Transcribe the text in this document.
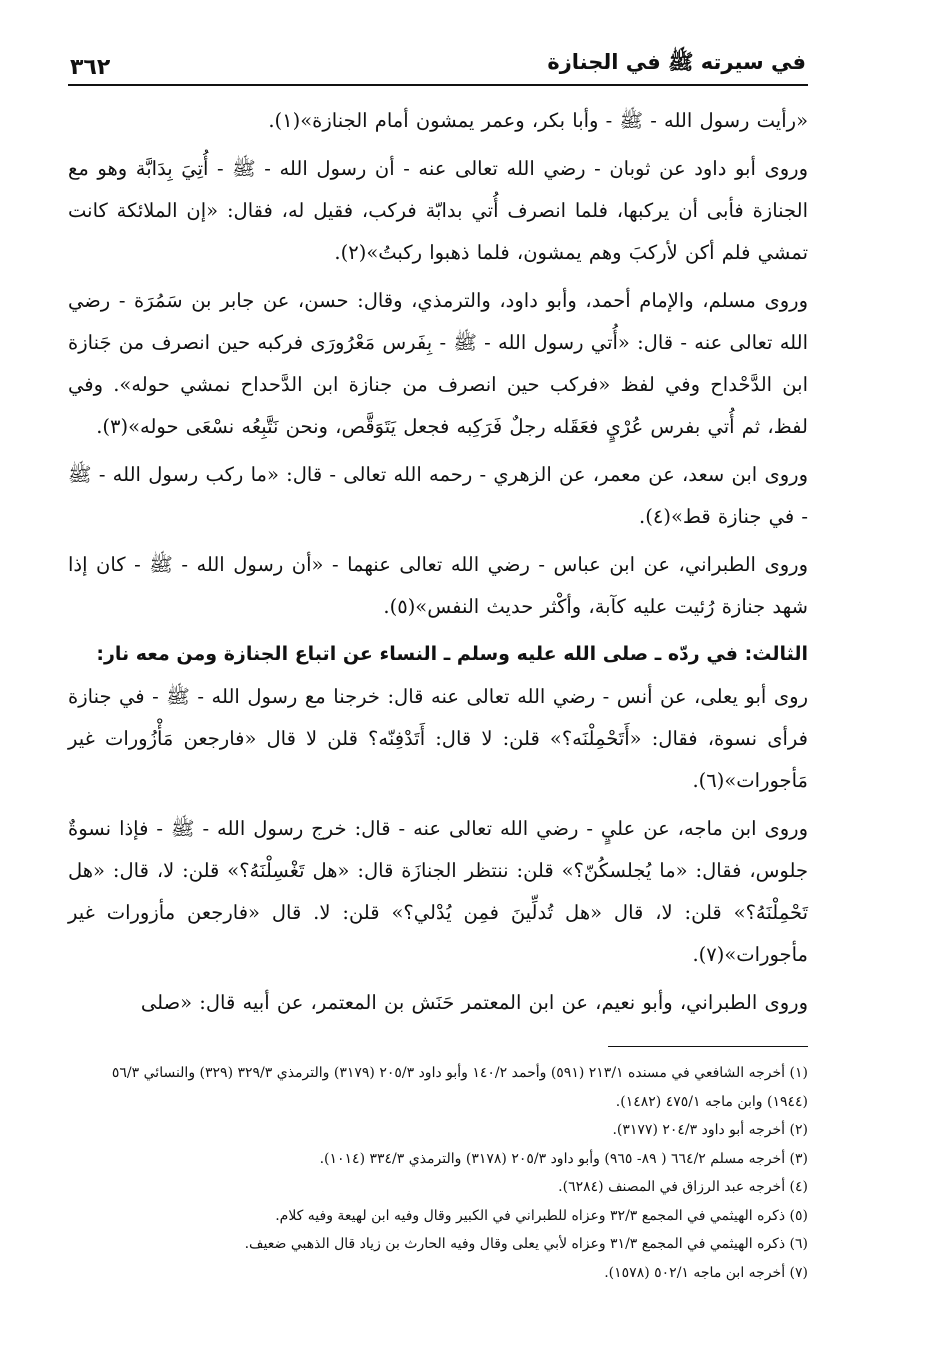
في سيرته ﷺ في الجنازة
٣٦٢

«رأيت رسول الله - ﷺ - وأبا بكر، وعمر يمشون أمام الجنازة»(١).

وروى أبو داود عن ثوبان - رضي الله تعالى عنه - أن رسول الله - ﷺ - أُتِيَ بِدَابَّة وهو مع الجنازة فأبى أن يركبها، فلما انصرف أُتي بدابّة فركب، فقيل له، فقال: «إن الملائكة كانت تمشي فلم أكن لأركبَ وهم يمشون، فلما ذهبوا ركبتُ»(٢).

وروى مسلم، والإمام أحمد، وأبو داود، والترمذي، وقال: حسن، عن جابر بن سَمُرَة - رضي الله تعالى عنه - قال: «أُتي رسول الله - ﷺ - بِفَرس مَعْرُورَى فركبه حين انصرف من جَنازة ابن الدَّحْداح وفي لفظ «فركب حين انصرف من جنازة ابن الدَّحداح نمشي حوله». وفي لفظ، ثم أُتي بفرس عُرْيٍ فعَقَله رجلٌ فَرَكِبه فجعل يَتَوَقَّص، ونحن نَتَّبِعُه نسْعَى حوله»(٣).

وروى ابن سعد، عن معمر، عن الزهري - رحمه الله تعالى - قال: «ما ركب رسول الله - ﷺ - في جنازة قط»(٤).

وروى الطبراني، عن ابن عباس - رضي الله تعالى عنهما - «أن رسول الله - ﷺ - كان إذا شهد جنازة رُئيت عليه كآبة، وأكْثر حديث النفس»(٥).

الثالث: في ردّه ـ صلى الله عليه وسلم ـ النساء عن اتباع الجنازة ومن معه نار:

روى أبو يعلى، عن أنس - رضي الله تعالى عنه قال: خرجنا مع رسول الله - ﷺ - في جنازة فرأى نسوة، فقال: «أَتَحْمِلْنَه؟» قلن: لا قال: أَتَدْفِنّه؟ قلن لا قال «فارجعن مَأْزُورات غير مَأجورات»(٦).

وروى ابن ماجه، عن عليٍ - رضي الله تعالى عنه - قال: خرج رسول الله - ﷺ - فإذا نسوةٌ جلوس، فقال: «ما يُجلسكُنّ؟» قلن: ننتظر الجنازَة قال: «هل تَغْسِلْنَهُ؟» قلن: لا، قال: «هل تَحْمِلْنَهُ؟» قلن: لا، قال «هل تُدلِّينَ فمِن يُدْلي؟» قلن: لا. قال «فارجعن مأزورات غير مأجورات»(٧).

وروى الطبراني، وأبو نعيم، عن ابن المعتمر حَنَش بن المعتمر، عن أبيه قال: «صلى

(١) أخرجه الشافعي في مسنده ٢١٣/١ (٥٩١) وأحمد ١٤٠/٢ وأبو داود ٢٠٥/٣ (٣١٧٩) والترمذي ٣٢٩/٣ (٣٢٩) والنسائي ٥٦/٣ (١٩٤٤) وابن ماجه ٤٧٥/١ (١٤٨٢).

(٢) أخرجه أبو داود ٢٠٤/٣ (٣١٧٧).

(٣) أخرجه مسلم ٦٦٤/٢ ( ٨٩- ٩٦٥) وأبو داود ٢٠٥/٣ (٣١٧٨) والترمذي ٣٣٤/٣ (١٠١٤).

(٤) أخرجه عبد الرزاق في المصنف (٦٢٨٤).

(٥) ذكره الهيثمي في المجمع ٣٢/٣ وعزاه للطبراني في الكبير وقال وفيه ابن لهيعة وفيه كلام.

(٦) ذكره الهيثمي في المجمع ٣١/٣ وعزاه لأبي يعلى وقال وفيه الحارث بن زياد قال الذهبي ضعيف.

(٧) أخرجه ابن ماجه ٥٠٢/١ (١٥٧٨).
